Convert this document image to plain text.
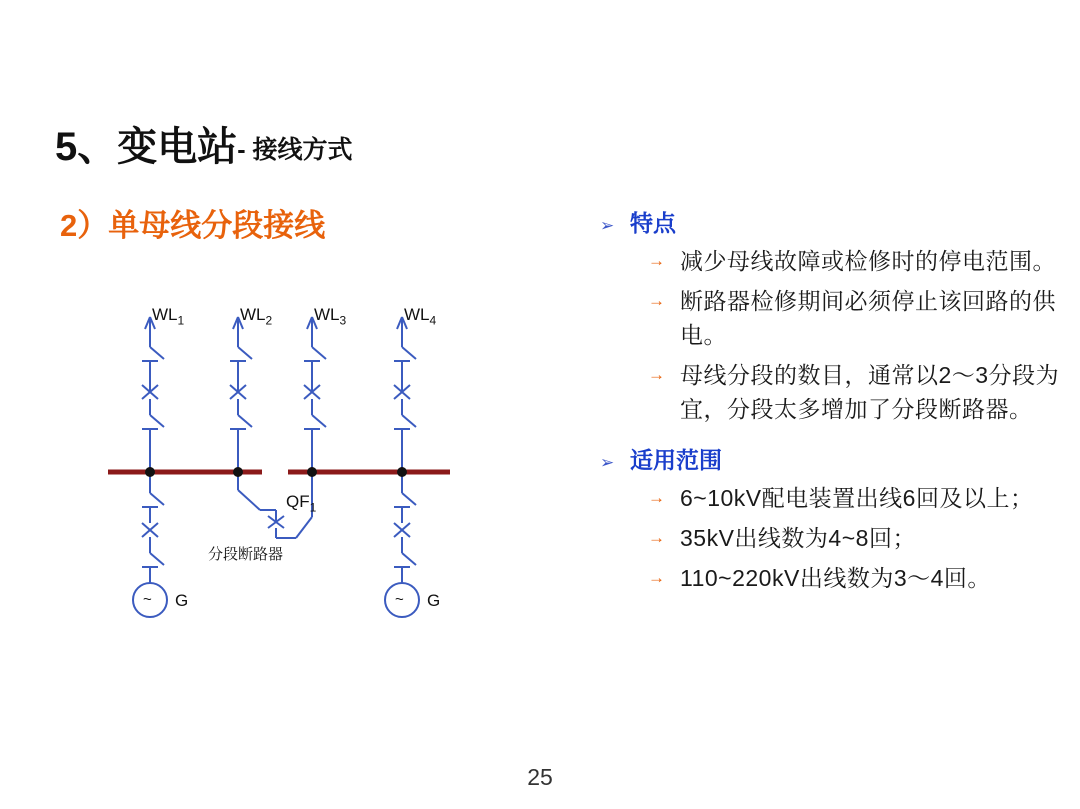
5、变电站- 接线方式
2）单母线分段接线
$WL_1$	$WL_2$ $WL_3$	$WL_4$
$QF_1$
分段断路器
~ G	~ G
➢ 特点
→ 减少母线故障或检修时的停电范围。
→ 断路器检修期间必须停止该回路的供电。
→ 母线分段的数目，通常以2～3分段为宜，分段太多增加了分段断路器。
➢ 适用范围
→ 6~10kV配电装置出线6回及以上；
→ 35kV出线数为4~8回；
→ 110~220kV出线数为3～4回。
25
